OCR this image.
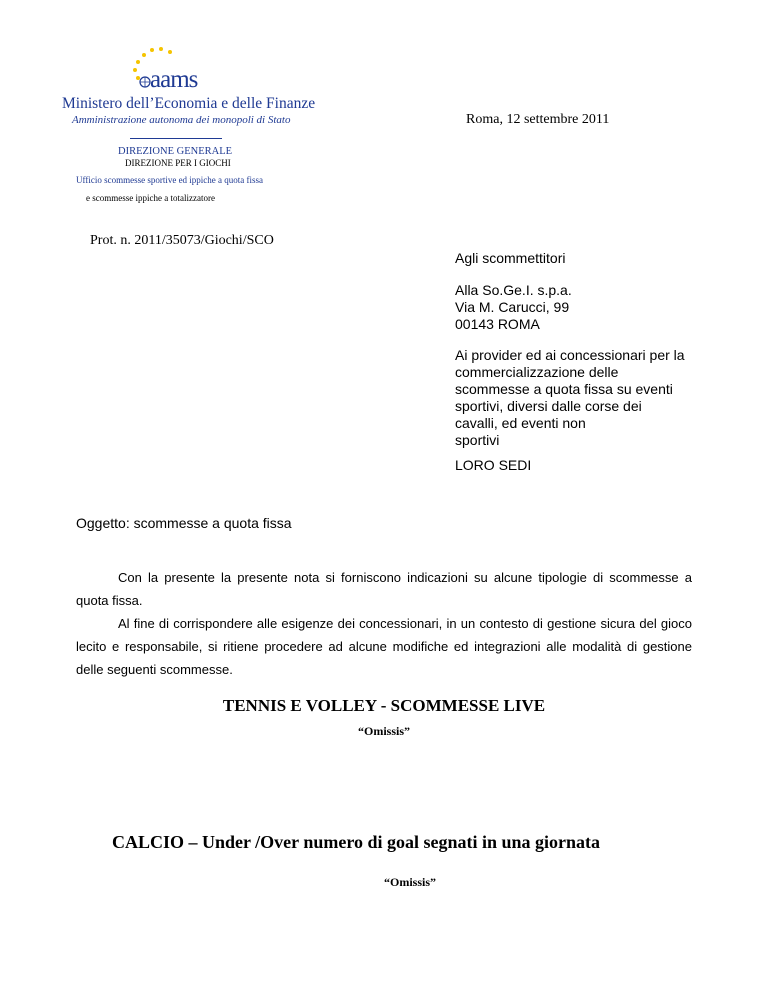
aams
Ministero dell’Economia e delle Finanze
Amministrazione autonoma dei monopoli di Stato
DIREZIONE GENERALE
DIREZIONE PER I GIOCHI
Ufficio scommesse sportive ed ippiche a quota fissa
e scommesse ippiche a totalizzatore
Roma, 12 settembre 2011
Prot. n. 2011/35073/Giochi/SCO
Agli scommettitori
Alla So.Ge.I. s.p.a.
Via M. Carucci, 99
00143 ROMA
Ai provider ed ai concessionari per la
commercializzazione delle
scommesse a quota fissa su eventi
sportivi, diversi dalle corse dei
cavalli, ed eventi non
sportivi
LORO SEDI
Oggetto: scommesse a quota fissa
Con la presente la presente nota si forniscono indicazioni su alcune tipologie di scommesse a quota fissa.
Al fine di corrispondere alle esigenze dei concessionari, in un contesto di gestione sicura del gioco lecito e responsabile, si ritiene procedere ad alcune modifiche ed integrazioni alle modalità di gestione delle seguenti scommesse.
TENNIS E VOLLEY - SCOMMESSE LIVE
“Omissis”
CALCIO – Under /Over numero di goal segnati in una giornata
“Omissis”
